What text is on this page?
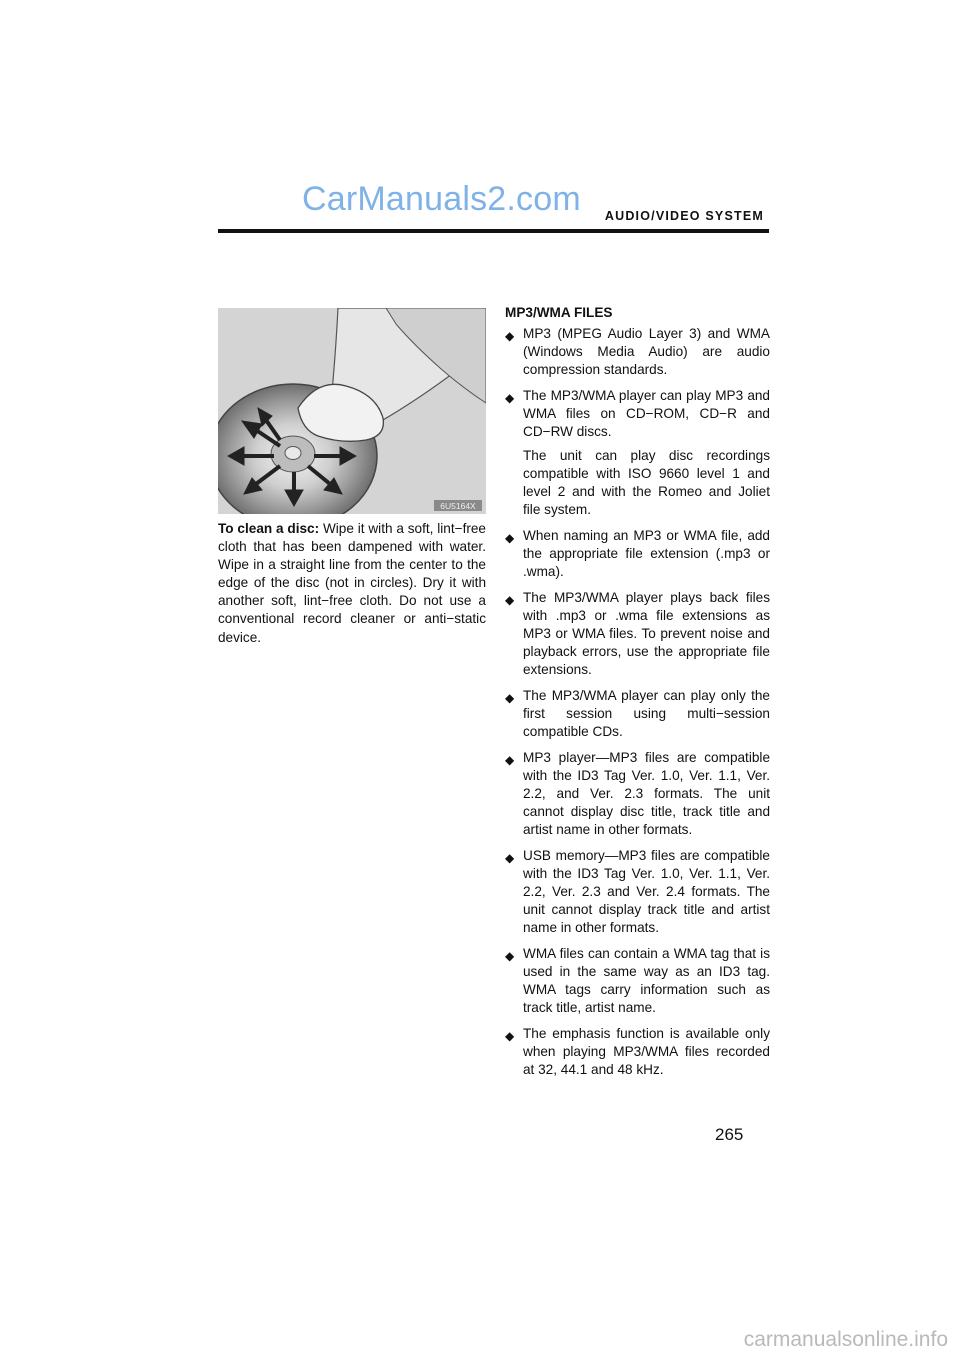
CarManuals2.com AUDIO/VIDEO SYSTEM
6U5164X
To clean a disc: Wipe it with a soft, lint−free cloth that has been dampened with water. Wipe in a straight line from the center to the edge of the disc (not in circles). Dry it with another soft, lint−free cloth. Do not use a conventional record cleaner or anti−static device.
MP3/WMA FILES
◆ MP3 (MPEG Audio Layer 3) and WMA (Windows Media Audio) are audio compression standards.
◆ The MP3/WMA player can play MP3 and WMA files on CD−ROM, CD−R and CD−RW discs.
The unit can play disc recordings compatible with ISO 9660 level 1 and level 2 and with the Romeo and Joliet file system.
◆ When naming an MP3 or WMA file, add the appropriate file extension (.mp3 or .wma).
◆ The MP3/WMA player plays back files with .mp3 or .wma file extensions as MP3 or WMA files. To prevent noise and playback errors, use the appropriate file extensions.
◆ The MP3/WMA player can play only the first session using multi−session compatible CDs.
◆ MP3 player—MP3 files are compatible with the ID3 Tag Ver. 1.0, Ver. 1.1, Ver. 2.2, and Ver. 2.3 formats. The unit cannot display disc title, track title and artist name in other formats.
◆ USB memory—MP3 files are compatible with the ID3 Tag Ver. 1.0, Ver. 1.1, Ver. 2.2, Ver. 2.3 and Ver. 2.4 formats. The unit cannot display track title and artist name in other formats.
◆ WMA files can contain a WMA tag that is used in the same way as an ID3 tag. WMA tags carry information such as track title, artist name.
◆ The emphasis function is available only when playing MP3/WMA files recorded at 32, 44.1 and 48 kHz.
265
carmanualsonline.info
